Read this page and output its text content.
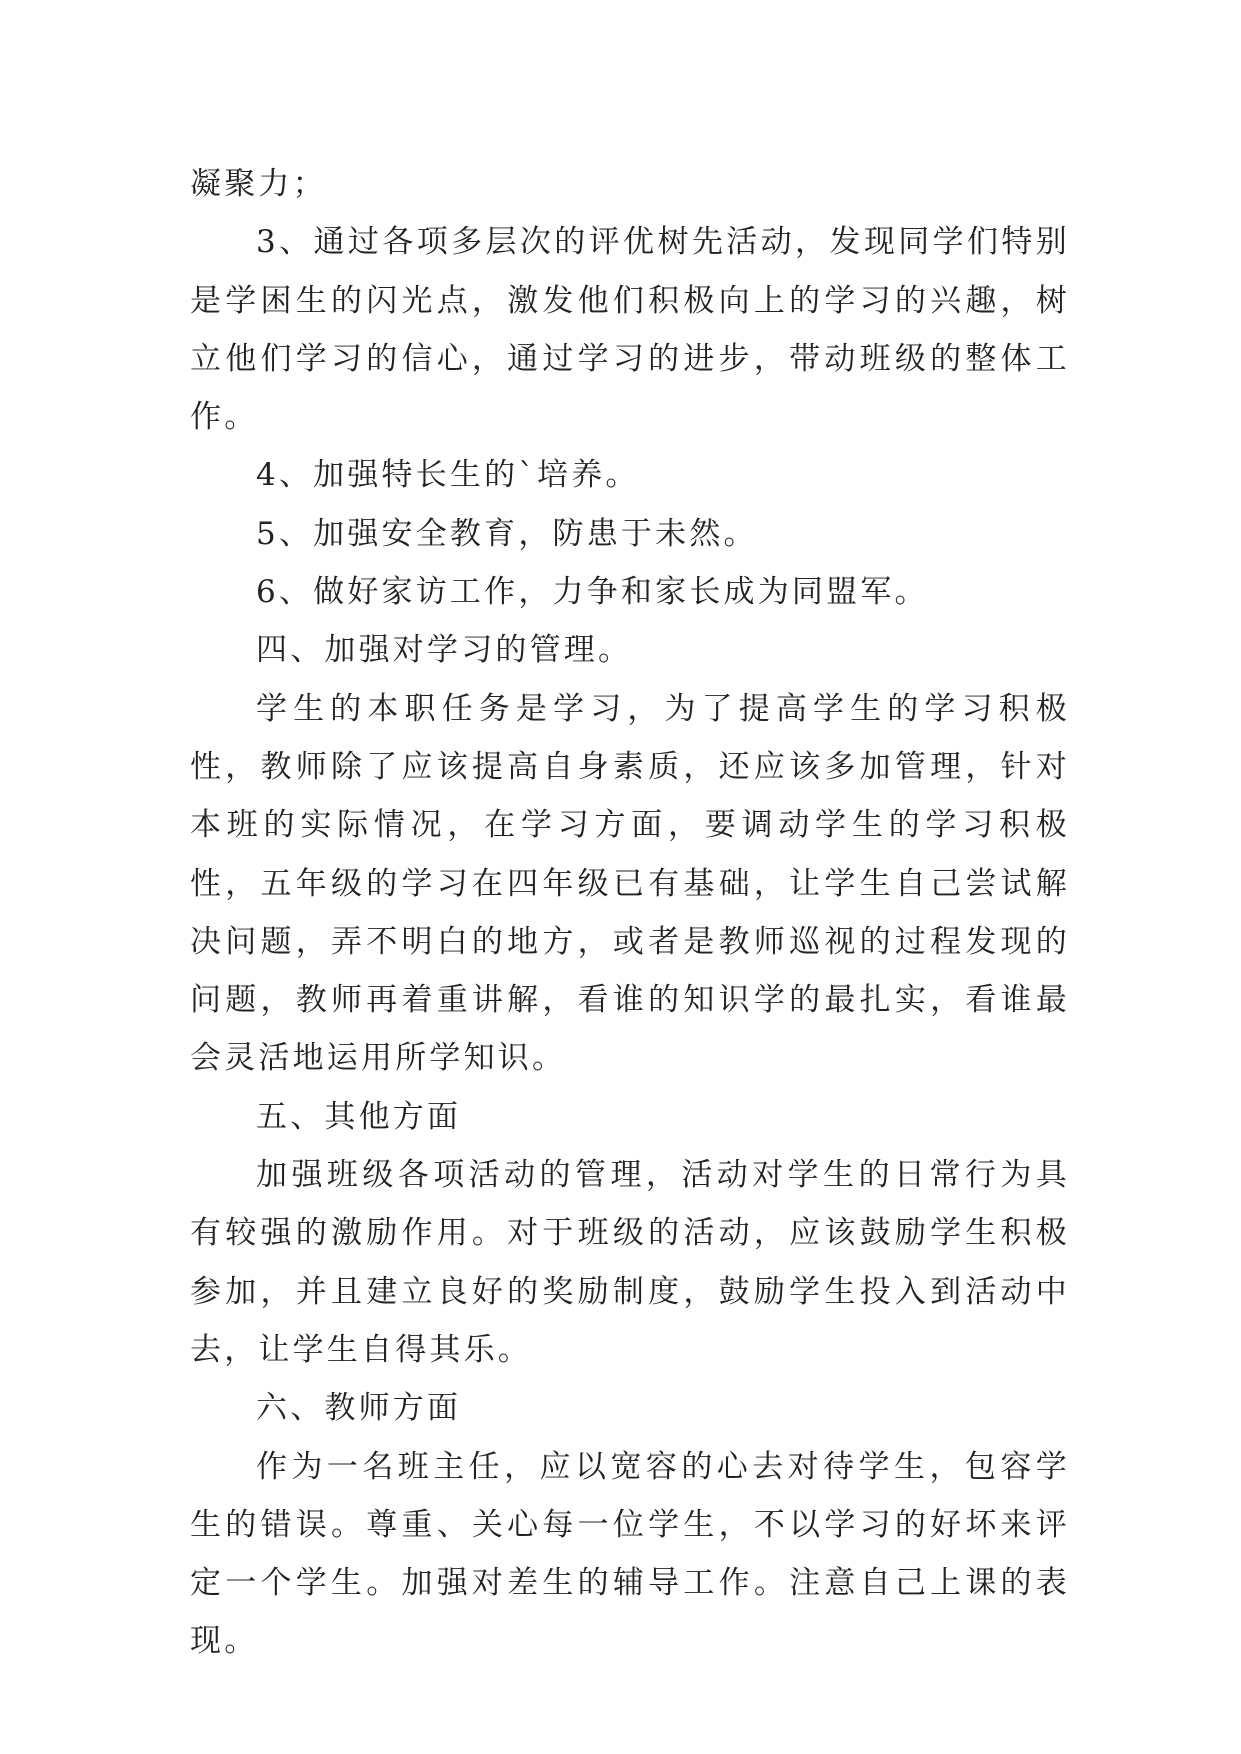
凝聚力；

3、通过各项多层次的评优树先活动，发现同学们特别是学困生的闪光点，激发他们积极向上的学习的兴趣，树立他们学习的信心，通过学习的进步，带动班级的整体工作。

4、加强特长生的`培养。

5、加强安全教育，防患于未然。

6、做好家访工作，力争和家长成为同盟军。

四、加强对学习的管理。

学生的本职任务是学习，为了提高学生的学习积极性，教师除了应该提高自身素质，还应该多加管理，针对本班的实际情况，在学习方面，要调动学生的学习积极性，五年级的学习在四年级已有基础，让学生自己尝试解决问题，弄不明白的地方，或者是教师巡视的过程发现的问题，教师再着重讲解，看谁的知识学的最扎实，看谁最会灵活地运用所学知识。

五、其他方面

加强班级各项活动的管理，活动对学生的日常行为具有较强的激励作用。对于班级的活动，应该鼓励学生积极参加，并且建立良好的奖励制度，鼓励学生投入到活动中去，让学生自得其乐。

六、教师方面

作为一名班主任，应以宽容的心去对待学生，包容学生的错误。尊重、关心每一位学生，不以学习的好坏来评定一个学生。加强对差生的辅导工作。注意自己上课的表现。
